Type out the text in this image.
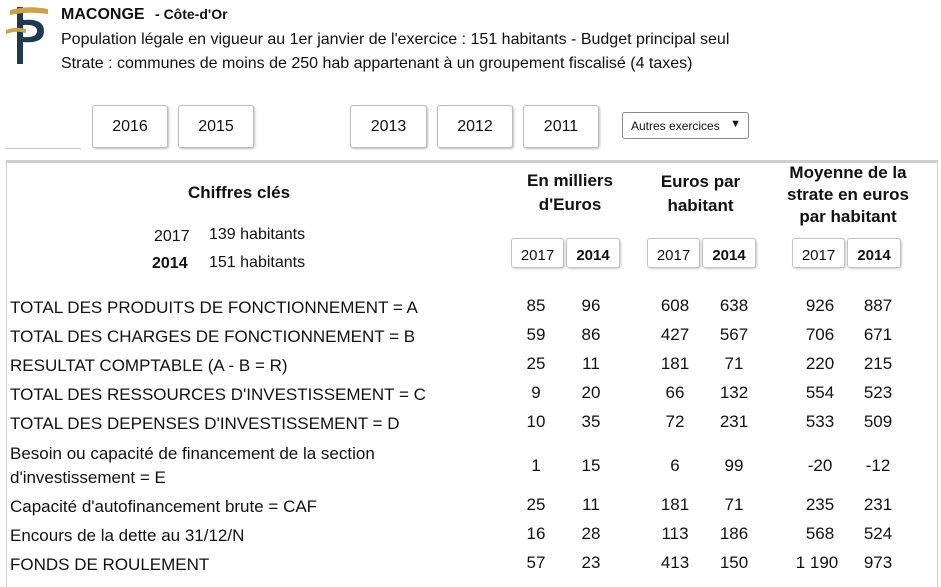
MACONGE - Côte-d'Or
Population légale en vigueur au 1er janvier de l'exercice : 151 habitants - Budget principal seul
Strate : communes de moins de 250 hab appartenant à un groupement fiscalisé (4 taxes)
2016	2015	2013	2012	2011	Autres exercices ▼
Chiffres clés
2017 139 habitants
2014 151 habitants
En milliers
d'Euros
Euros par
habitant
Moyenne de la
strate en euros
par habitant
2017	2014	2017	2014	2017	2014
TOTAL DES PRODUITS DE FONCTIONNEMENT = A	85	96	608	638	926	887
TOTAL DES CHARGES DE FONCTIONNEMENT = B	59	86	427	567	706	671
RESULTAT COMPTABLE (A - B = R)	25	11	181	71	220	215
TOTAL DES RESSOURCES D'INVESTISSEMENT = C	9	20	66	132	554	523
TOTAL DES DEPENSES D'INVESTISSEMENT = D	10	35	72	231	533	509
Besoin ou capacité de financement de la section
d'investissement = E
1	15	6	99	-20	-12
Capacité d'autofinancement brute = CAF	25	11	181	71	235	231
Encours de la dette au 31/12/N	16	28	113	186	568	524
FONDS DE ROULEMENT	57	23	413	150	1 190	973
